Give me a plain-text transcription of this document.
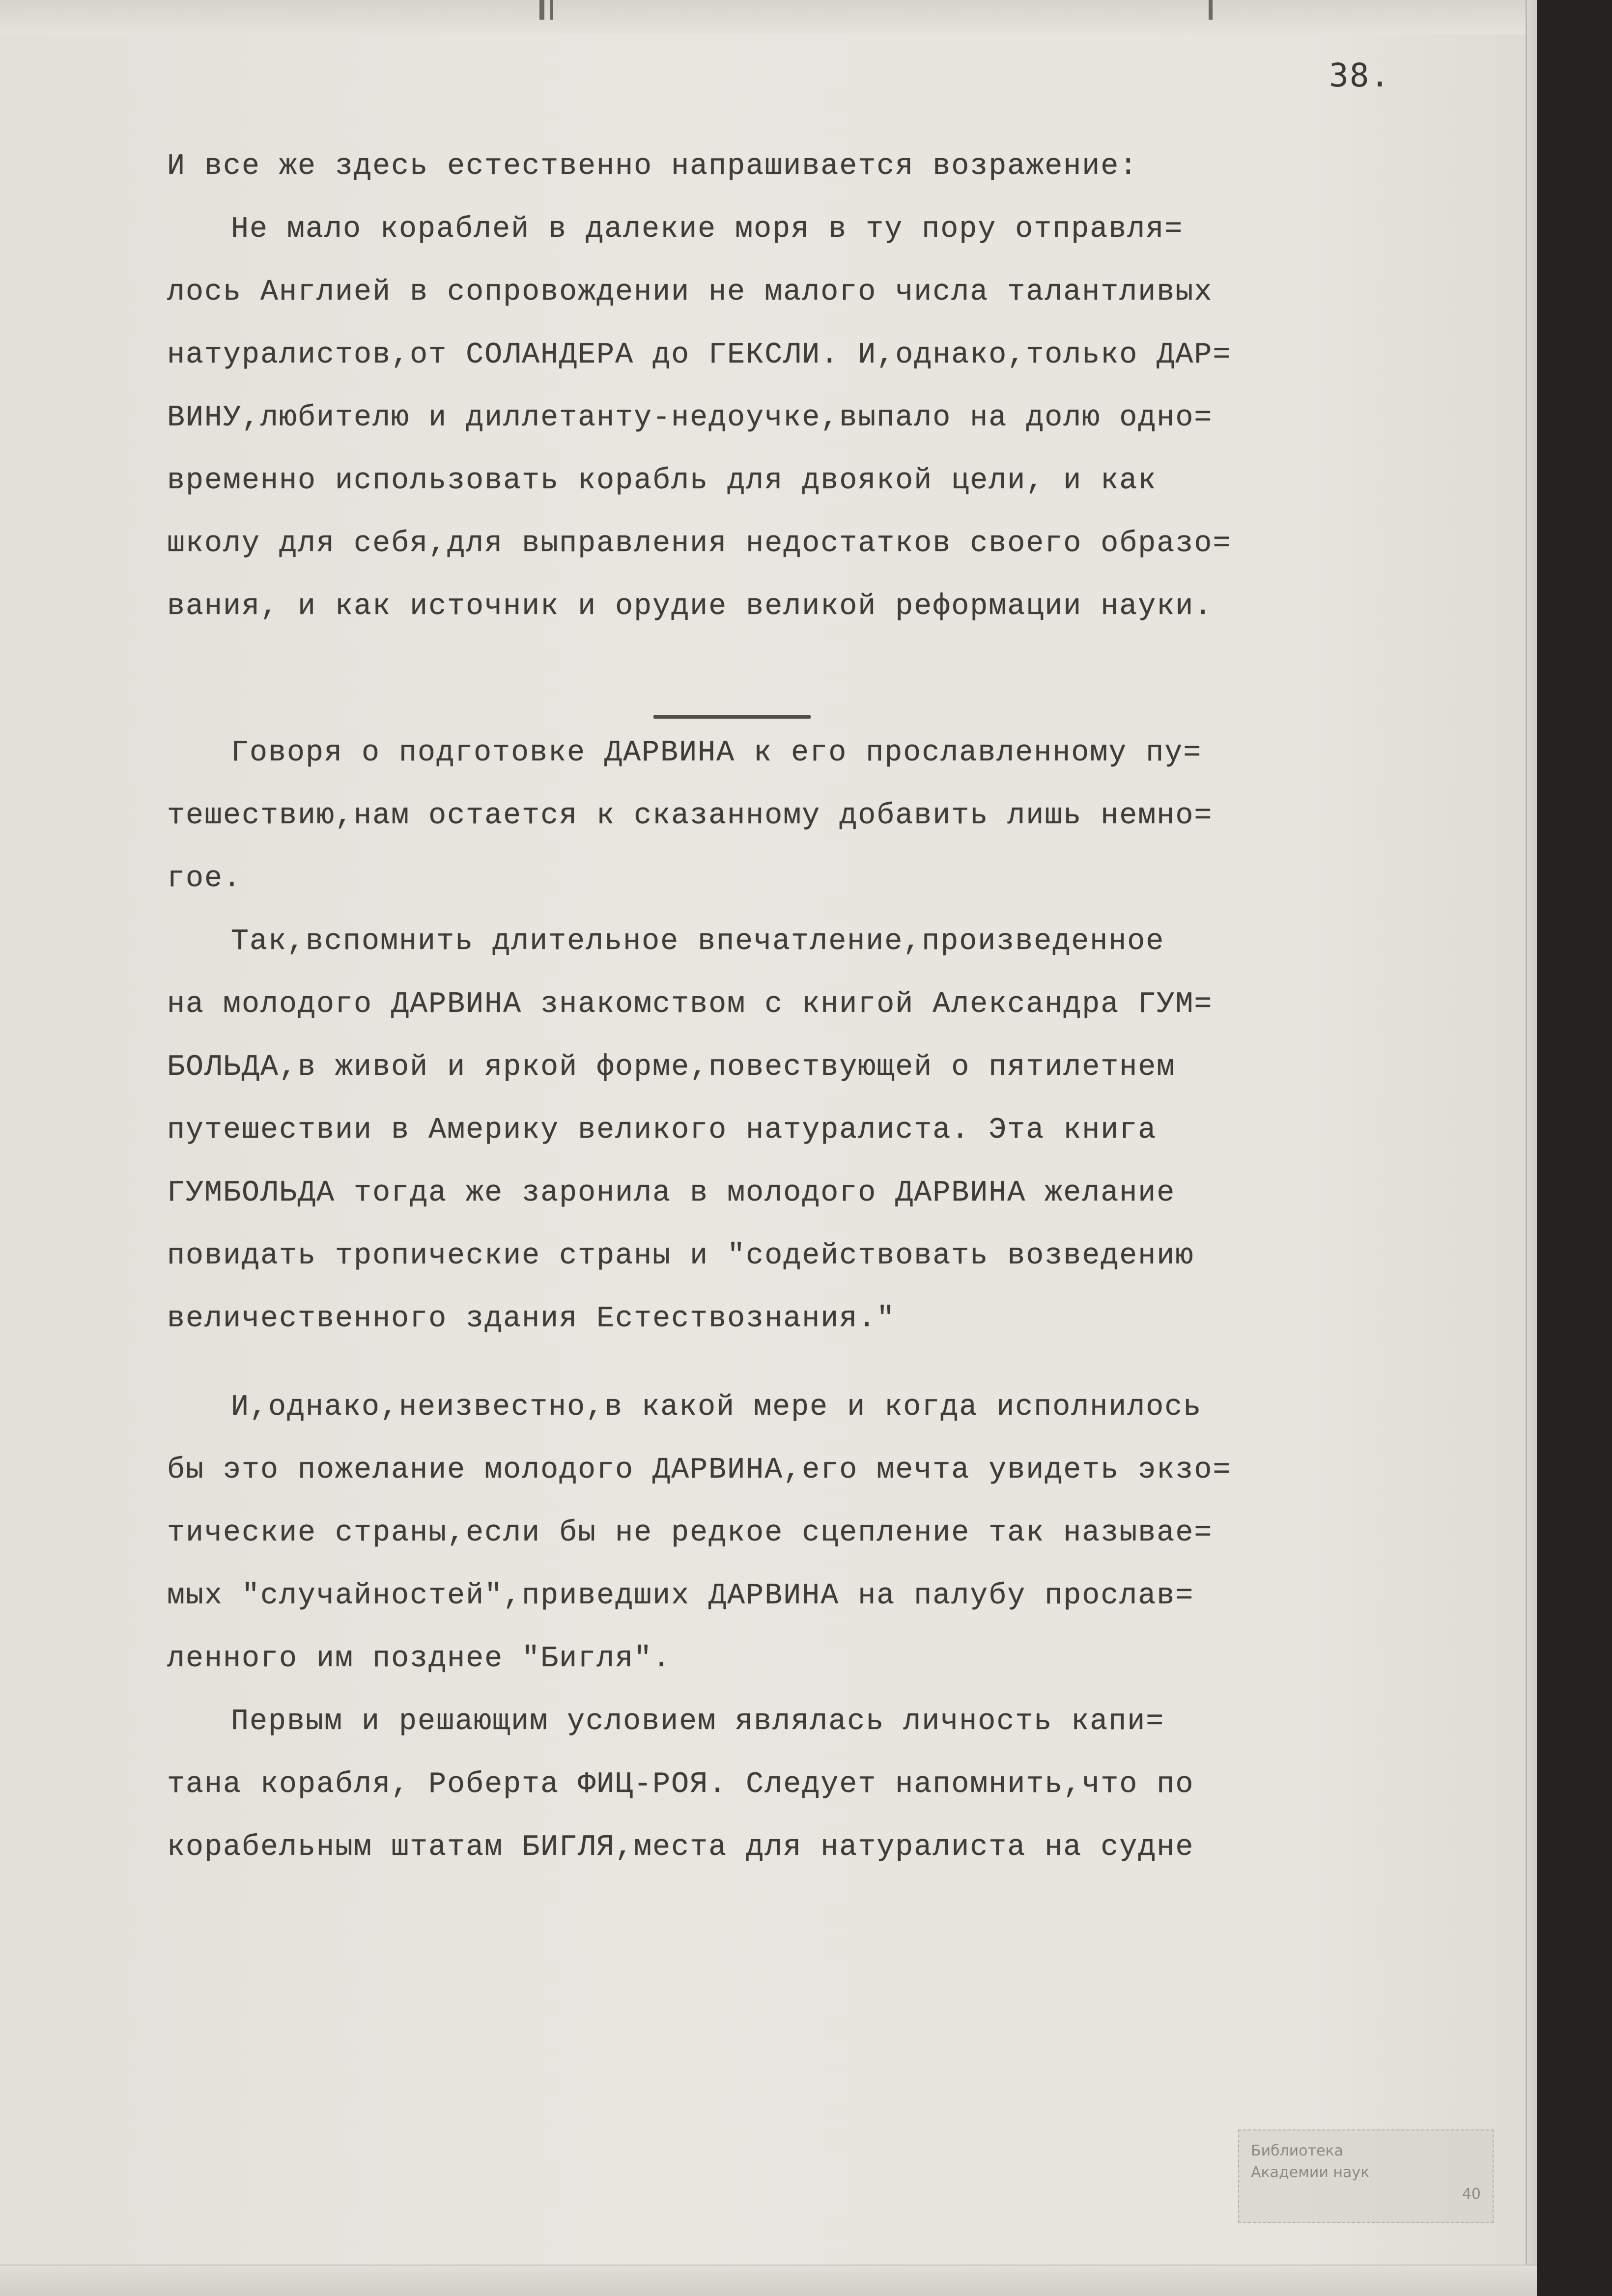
38.
И все же здесь естественно напрашивается возражение:
Не мало кораблей в далекие моря в ту пору отправля=
лось Англией в сопровождении не малого числа талантливых
натуралистов,от СОЛАНДЕРА до ГЕКСЛИ. И,однако,только ДАР=
ВИНУ,любителю и диллетанту-недоучке,выпало на долю одно=
временно использовать корабль для двоякой цели, и как
школу для себя,для выправления недостатков своего образо=
вания, и как источник и орудие великой реформации науки.
Говоря о подготовке ДАРВИНА к его прославленному пу=
тешествию,нам остается к сказанному добавить лишь немно=
гое.
Так,вспомнить длительное впечатление,произведенное
на молодого ДАРВИНА знакомством с книгой Александра ГУМ=
БОЛЬДА,в живой и яркой форме,повествующей о пятилетнем
путешествии в Америку великого натуралиста. Эта книга
ГУМБОЛЬДА тогда же заронила в молодого ДАРВИНА желание
повидать тропические страны и "содействовать возведению
величественного здания Естествознания."
И,однако,неизвестно,в какой мере и когда исполнилось
бы это пожелание молодого ДАРВИНА,его мечта увидеть экзо=
тические страны,если бы не редкое сцепление так называе=
мых "случайностей",приведших ДАРВИНА на палубу прослав=
ленного им позднее "Бигля".
Первым и решающим условием являлась личность капи=
тана корабля, Роберта ФИЦ-РОЯ. Следует напомнить,что по
корабельным штатам БИГЛЯ,места для натуралиста на судне
Библиотека
Академии наук
40
